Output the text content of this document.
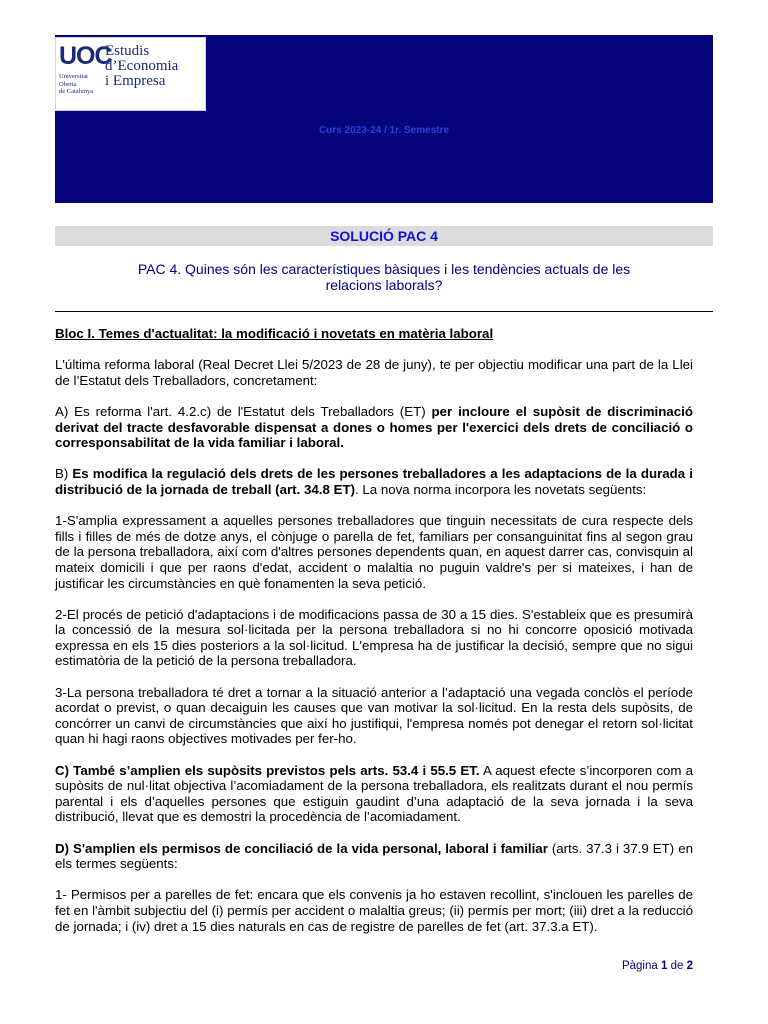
UOC
Universitat
Oberta
de Catalunya
Estudis
d’Economia
i Empresa
Curs 2023-24 / 1r. Semestre
SOLUCIÓ PAC 4
PAC 4. Quines són les característiques bàsiques i les tendències actuals de les
relacions laborals?

Bloc I. Temes d'actualitat: la modificació i novetats en matèria laboral

L'última reforma laboral (Real Decret Llei 5/2023 de 28 de juny), te per objectiu modificar una part de la Llei de l’Estatut dels Treballadors, concretament:

A) Es reforma l'art. 4.2.c) de l'Estatut dels Treballadors (ET) per incloure el supòsit de discriminació derivat del tracte desfavorable dispensat a dones o homes per l'exercici dels drets de conciliació o corresponsabilitat de la vida familiar i laboral.

B) Es modifica la regulació dels drets de les persones treballadores a les adaptacions de la durada i distribució de la jornada de treball (art. 34.8 ET). La nova norma incorpora les novetats següents:

1-S'amplia expressament a aquelles persones treballadores que tinguin necessitats de cura respecte dels fills i filles de més de dotze anys, el cònjuge o parella de fet, familiars per consanguinitat fins al segon grau de la persona treballadora, així com d'altres persones dependents quan, en aquest darrer cas, convisquin al mateix domicili i que per raons d'edat, accident o malaltia no puguin valdre's per si mateixes, i han de justificar les circumstàncies en què fonamenten la seva petició.

2-El procés de petició d'adaptacions i de modificacions passa de 30 a 15 dies. S'estableix que es presumirà la concessió de la mesura sol·licitada per la persona treballadora si no hi concorre oposició motivada expressa en els 15 dies posteriors a la sol·licitud. L'empresa ha de justificar la decisió, sempre que no sigui estimatòria de la petició de la persona treballadora.

3-La persona treballadora té dret a tornar a la situació anterior a l’adaptació una vegada conclòs el període acordat o previst, o quan decaiguin les causes que van motivar la sol·licitud. En la resta dels supòsits, de concórrer un canvi de circumstàncies que així ho justifiqui, l'empresa només pot denegar el retorn sol·licitat quan hi hagi raons objectives motivades per fer-ho.

C) També s’amplien els supòsits previstos pels arts. 53.4 i 55.5 ET. A aquest efecte s’incorporen com a supòsits de nul·litat objectiva l’acomiadament de la persona treballadora, els realitzats durant el nou permís parental i els d’aquelles persones que estiguin gaudint d’una adaptació de la seva jornada i la seva distribució, llevat que es demostri la procedència de l’acomiadament.

D) S'amplien els permisos de conciliació de la vida personal, laboral i familiar (arts. 37.3 i 37.9 ET) en els termes següents:

1- Permisos per a parelles de fet: encara que els convenis ja ho estaven recollint, s'inclouen les parelles de fet en l'àmbit subjectiu del (i) permís per accident o malaltia greus; (ii) permís per mort; (iii) dret a la reducció de jornada; i (iv) dret a 15 dies naturals en cas de registre de parelles de fet (art. 37.3.a ET).

Pàgina 1 de 2
